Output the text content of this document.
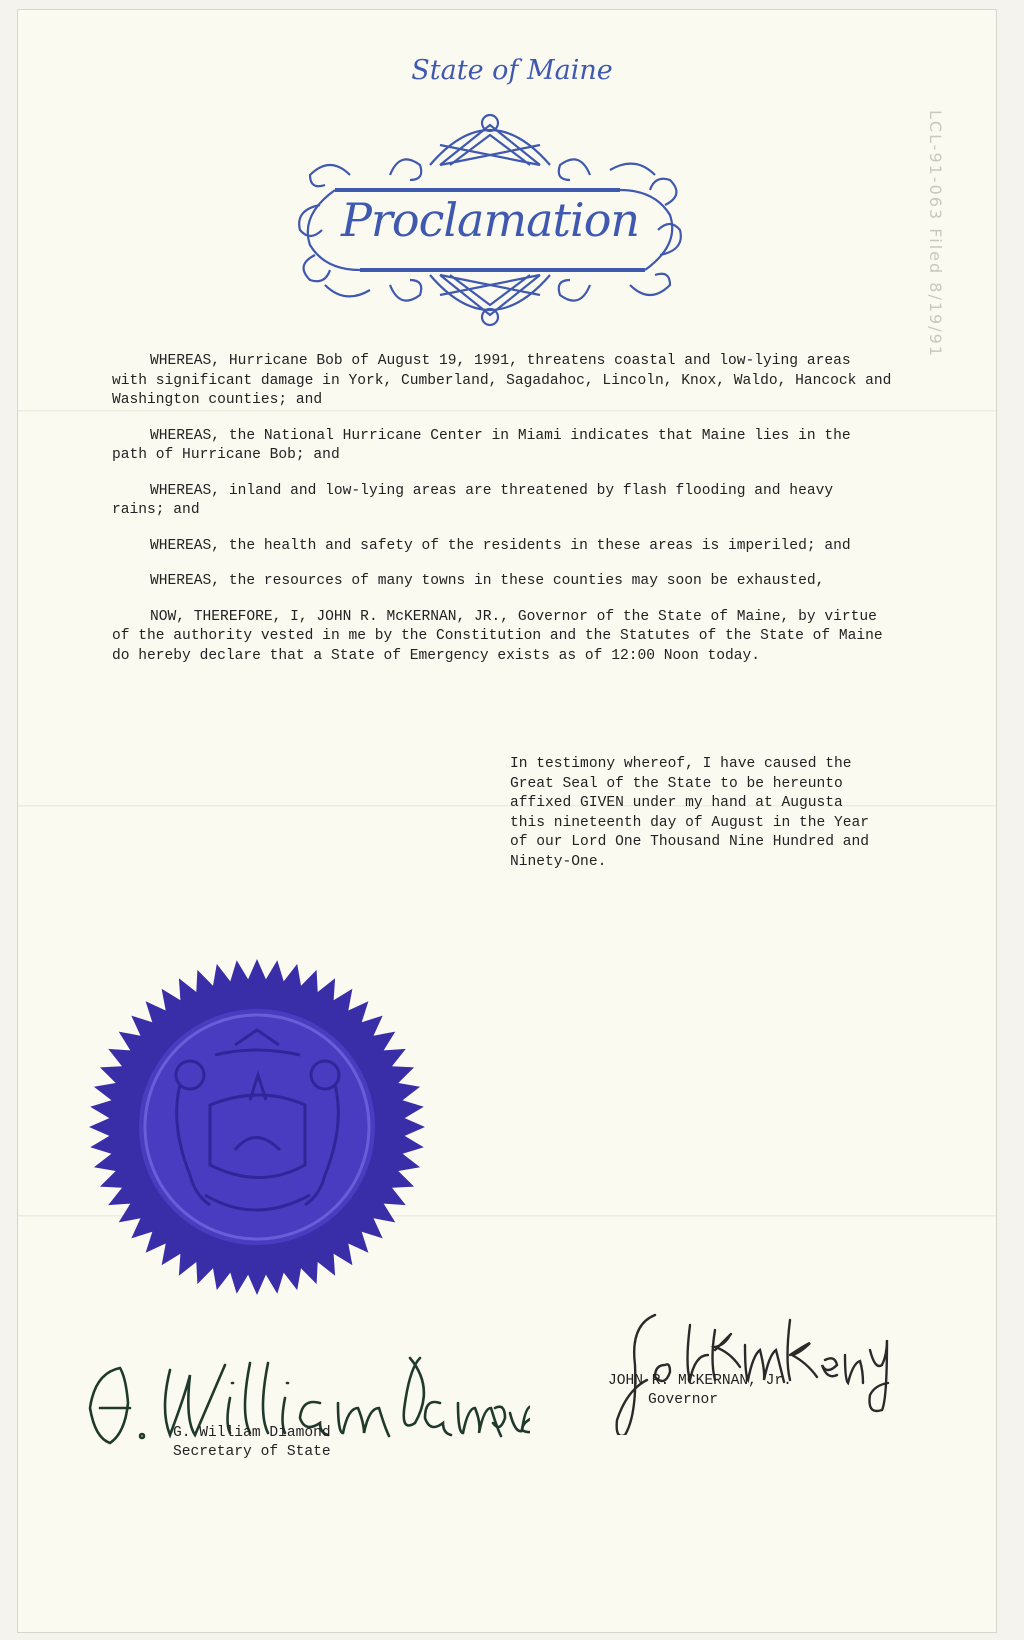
LCL-91-063 Filed 8/19/91
State of Maine
Proclamation

WHEREAS, Hurricane Bob of August 19, 1991, threatens coastal and low-lying areas with significant damage in York, Cumberland, Sagadahoc, Lincoln, Knox, Waldo, Hancock and Washington counties; and

WHEREAS, the National Hurricane Center in Miami indicates that Maine lies in the path of Hurricane Bob; and

WHEREAS, inland and low-lying areas are threatened by flash flooding and heavy rains; and

WHEREAS, the health and safety of the residents in these areas is imperiled; and

WHEREAS, the resources of many towns in these counties may soon be exhausted,

NOW, THEREFORE, I, JOHN R. McKERNAN, JR., Governor of the State of Maine, by virtue of the authority vested in me by the Constitution and the Statutes of the State of Maine do hereby declare that a State of Emergency exists as of 12:00 Noon today.

In testimony whereof, I have caused the Great Seal of the State to be hereunto affixed GIVEN under my hand at Augusta this nineteenth day of August in the Year of our Lord One Thousand Nine Hundred and Ninety-One.
G. William Diamond
Secretary of State
JOHN R. MCKERNAN, Jr.
Governor
